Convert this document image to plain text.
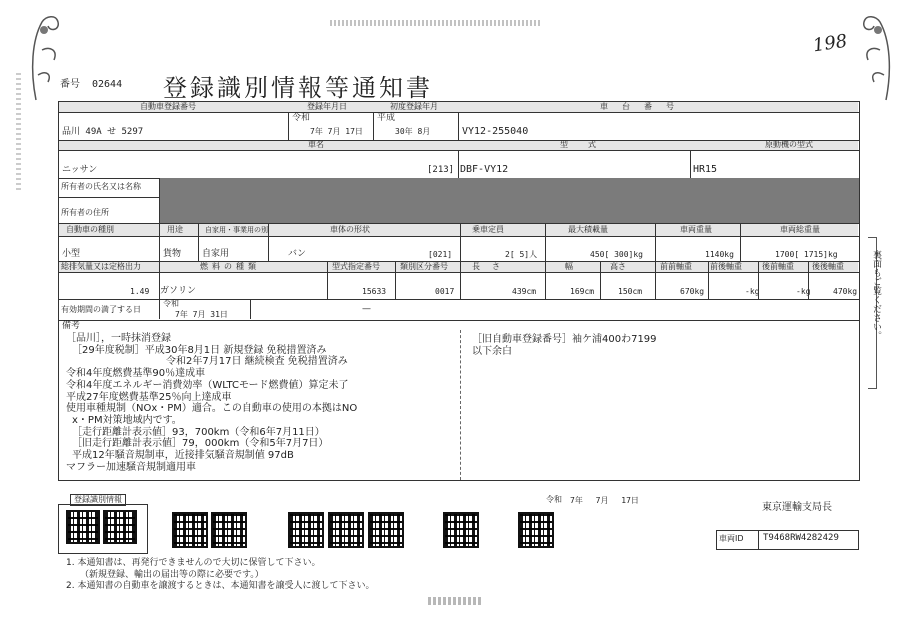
198
番号 02644 登録識別情報等通知書
自動車登録番号	登録年月日	初度登録年月	車台番号
令和	平成
品川 49A せ 5297	7年 7月 17日	30年 8月	VY12-255040
車名	型式	原動機の型式
ニッサン	[213] DBF-VY12	HR15
所有者の氏名又は名称
所有者の住所
自動車の種別	用途	自家用・事業用の別	車体の形状	乗車定員	最大積載量	車両重量	車両総重量
小型	貨物 自家用	バン	[021]	2[ 5]人	450[ 300]kg	1140kg	1700[ 1715]kg
総排気量又は定格出力	燃料の種類	型式指定番号	類別区分番号	長さ	幅	高さ	前前軸重 前後軸重	後前軸重 後後軸重
1.49 ガソリン	15633	0017	439cm	169cm	150cm	670kg	-kg	-kg	470kg
有効期間の満了する日
令和
7年 7月 31日
—
備考
［品川］，一時抹消登録
［29年度税制］平成30年8月1日 新規登録 免税措置済み
令和2年7月17日 継続検査 免税措置済み
令和4年度燃費基準90％達成車
令和4年度エネルギー消費効率（WLTCモード燃費値）算定未了
平成27年度燃費基準25％向上達成車
使用車種規制（NOx・PM）適合。この自動車の使用の本拠はNO
x・PM対策地域内です。
［走行距離計表示値］93，700km（令和6年7月11日）
［旧走行距離計表示値］79，000km（令和5年7月7日）
平成12年騒音規制車，近接排気騒音規制値 97dB
マフラー加速騒音規制適用車
［旧自動車登録番号］袖ケ浦400わ7199
以下余白
裏面もご覧ください。
登録識別情報	令和 7年 7月 17日
東京運輸支局長
車両ID T9468RW4282429
1. 本通知書は、再発行できませんので大切に保管して下さい。
（新規登録、輸出の届出等の際に必要です。）
2. 本通知書の自動車を譲渡するときは、本通知書を譲受人に渡して下さい。
